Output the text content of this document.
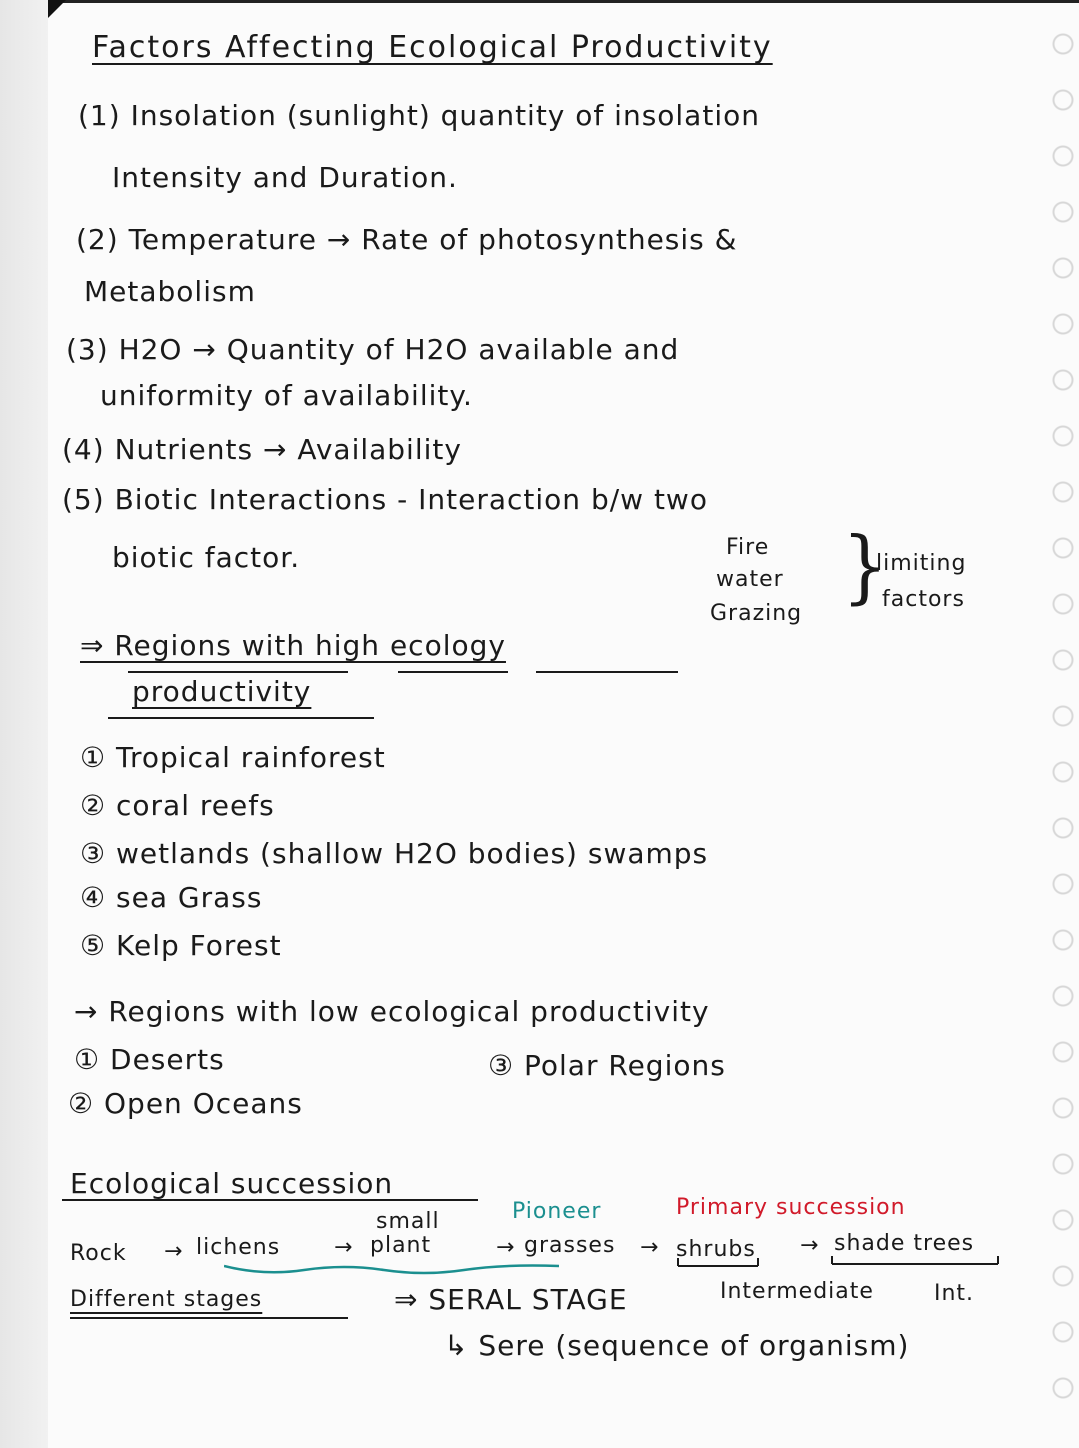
Factors Affecting Ecological Productivity
(1) Insolation (sunlight) quantity of insolation
Intensity and Duration.
(2) Temperature → Rate of photosynthesis &
Metabolism
(3) H2O → Quantity of H2O available and
uniformity of availability.
(4) Nutrients → Availability
(5) Biotic Interactions - Interaction b/w two
biotic factor.	Fire
water
Grazing
}
limiting
factors
⇒ Regions with high ecology
productivity
① Tropical rainforest
② coral reefs
③ wetlands (shallow H2O bodies) swamps
④ sea Grass
⑤ Kelp Forest
→ Regions with low ecological productivity
① Deserts
② Open Oceans
③ Polar Regions
Ecological succession
small	Pioneer	Primary succession
Rock → lichens → plant	→ grasses → shrubs → shade trees
Different stages	⇒ SERAL STAGE	Intermediate	Int.
↳ Sere (sequence of organism)
